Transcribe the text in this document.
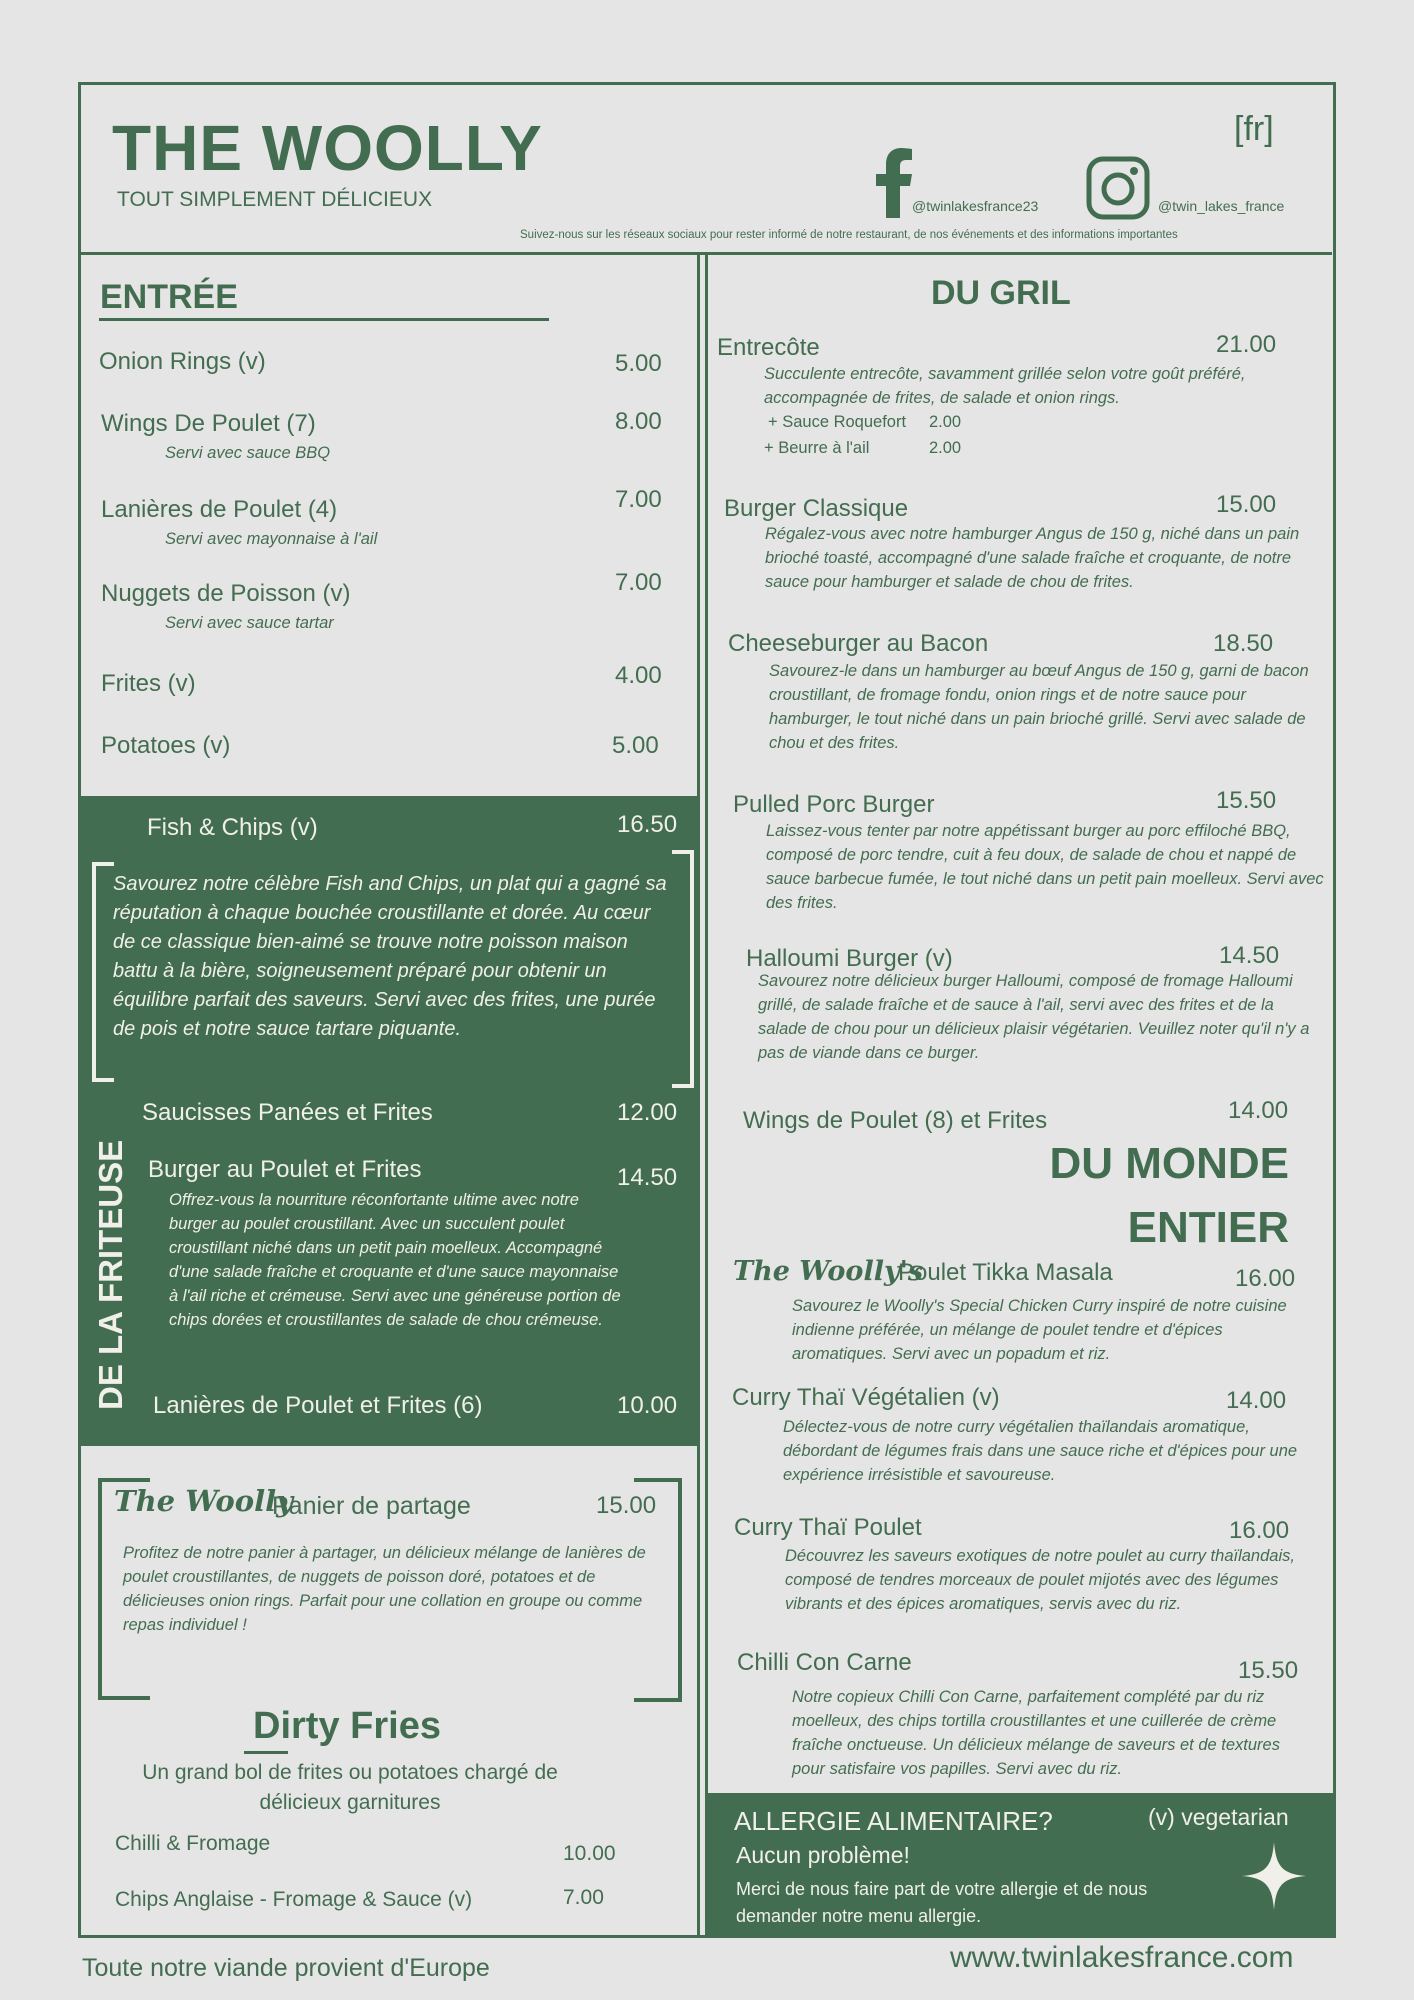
THE WOOLLY
TOUT SIMPLEMENT DÉLICIEUX
[fr]
@twinlakesfrance23	@twin_lakes_france
Suivez-nous sur les réseaux sociaux pour rester informé de notre restaurant, de nos événements et des informations importantes
ENTRÉE
Onion Rings (v)	5.00
Wings De Poulet (7)	8.00
Servi avec sauce BBQ
Lanières de Poulet (4)	7.00
Servi avec mayonnaise à l'ail
Nuggets de Poisson (v)	7.00
Servi avec sauce tartar
Frites (v)	4.00
Potatoes (v)	5.00
DE LA FRITEUSE
Fish & Chips (v)	16.50
Savourez notre célèbre Fish and Chips, un plat qui a gagné sa réputation à chaque bouchée croustillante et dorée. Au cœur de ce classique bien-aimé se trouve notre poisson maison battu à la bière, soigneusement préparé pour obtenir un équilibre parfait des saveurs. Servi avec des frites, une purée de pois et notre sauce tartare piquante.
Saucisses Panées et Frites	12.00
Burger au Poulet et Frites	14.50
Offrez-vous la nourriture réconfortante ultime avec notre burger au poulet croustillant. Avec un succulent poulet croustillant niché dans un petit pain moelleux. Accompagné d'une salade fraîche et croquante et d'une sauce mayonnaise à l'ail riche et crémeuse. Servi avec une généreuse portion de chips dorées et croustillantes de salade de chou crémeuse.
Lanières de Poulet et Frites (6)	10.00
The Woolly
Panier de partage	15.00
Profitez de notre panier à partager, un délicieux mélange de lanières de poulet croustillantes, de nuggets de poisson doré, potatoes et de délicieuses onion rings. Parfait pour une collation en groupe ou comme repas individuel !
Dirty Fries
Un grand bol de frites ou potatoes chargé de délicieux garnitures
Chilli & Fromage	10.00
Chips Anglaise - Fromage & Sauce (v)	7.00
DU GRIL
Entrecôte	21.00
Succulente entrecôte, savamment grillée selon votre goût préféré, accompagnée de frites, de salade et onion rings.
+ Sauce Roquefort 2.00
+ Beurre à l'ail	2.00
Burger Classique	15.00
Régalez-vous avec notre hamburger Angus de 150 g, niché dans un pain brioché toasté, accompagné d'une salade fraîche et croquante, de notre sauce pour hamburger et salade de chou de frites.
Cheeseburger au Bacon	18.50
Savourez-le dans un hamburger au bœuf Angus de 150 g, garni de bacon croustillant, de fromage fondu, onion rings et de notre sauce pour hamburger, le tout niché dans un pain brioché grillé. Servi avec salade de chou et des frites.
Pulled Porc Burger	15.50
Laissez-vous tenter par notre appétissant burger au porc effiloché BBQ, composé de porc tendre, cuit à feu doux, de salade de chou et nappé de sauce barbecue fumée, le tout niché dans un petit pain moelleux. Servi avec des frites.
Halloumi Burger (v)	14.50
Savourez notre délicieux burger Halloumi, composé de fromage Halloumi grillé, de salade fraîche et de sauce à l'ail, servi avec des frites et de la salade de chou pour un délicieux plaisir végétarien. Veuillez noter qu'il n'y a pas de viande dans ce burger.
Wings de Poulet (8) et Frites	14.00
DU MONDE
ENTIER
The Woolly's
Poulet Tikka Masala	16.00
Savourez le Woolly's Special Chicken Curry inspiré de notre cuisine indienne préférée, un mélange de poulet tendre et d'épices aromatiques. Servi avec un popadum et riz.
Curry Thaï Végétalien (v)	14.00
Délectez-vous de notre curry végétalien thaïlandais aromatique, débordant de légumes frais dans une sauce riche et d'épices pour une expérience irrésistible et savoureuse.
Curry Thaï Poulet	16.00
Découvrez les saveurs exotiques de notre poulet au curry thaïlandais, composé de tendres morceaux de poulet mijotés avec des légumes vibrants et des épices aromatiques, servis avec du riz.
Chilli Con Carne	15.50
Notre copieux Chilli Con Carne, parfaitement complété par du riz moelleux, des chips tortilla croustillantes et une cuillerée de crème fraîche onctueuse. Un délicieux mélange de saveurs et de textures pour satisfaire vos papilles. Servi avec du riz.
ALLERGIE ALIMENTAIRE?	(v) vegetarian
Aucun problème!
Merci de nous faire part de votre allergie et de nous demander notre menu allergie.
Toute notre viande provient d'Europe	www.twinlakesfrance.com
